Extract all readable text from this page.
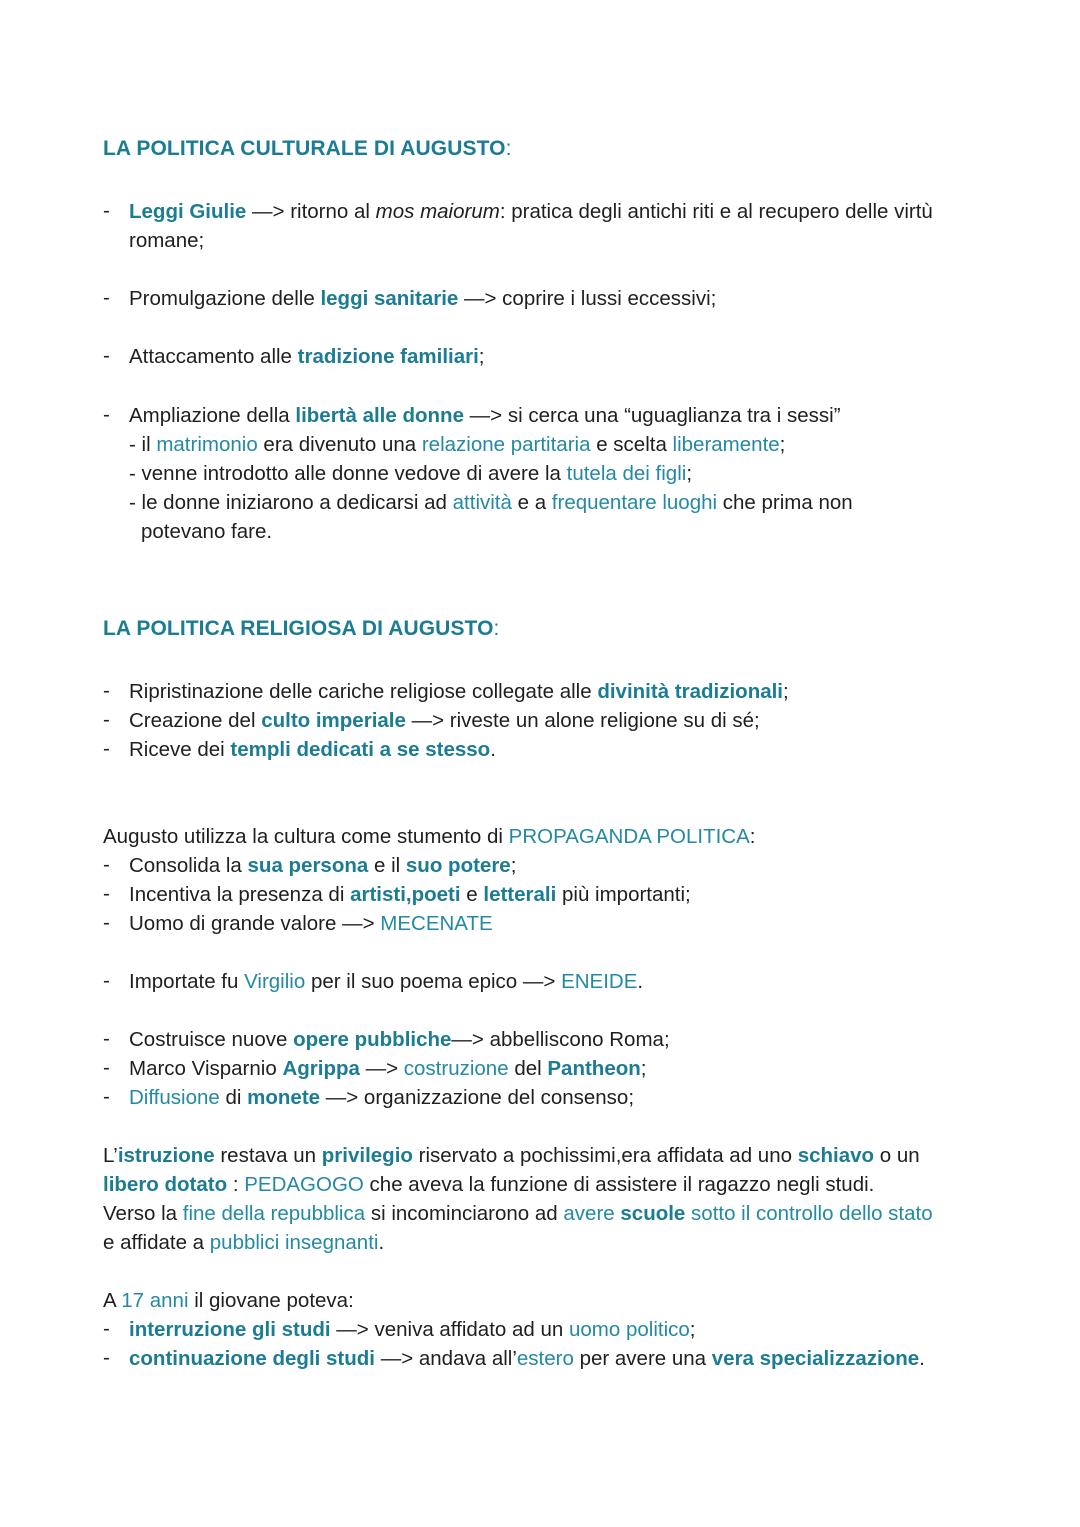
LA POLITICA CULTURALE DI AUGUSTO:
- Leggi Giulie —> ritorno al mos maiorum: pratica degli antichi riti e al recupero delle virtù
romane;
- Promulgazione delle leggi sanitarie —> coprire i lussi eccessivi;
- Attaccamento alle tradizione familiari;
- Ampliazione della libertà alle donne —> si cerca una “uguaglianza tra i sessi”
- il matrimonio era divenuto una relazione partitaria e scelta liberamente;
- venne introdotto alle donne vedove di avere la tutela dei figli;
- le donne iniziarono a dedicarsi ad attività e a frequentare luoghi che prima non
potevano fare.
LA POLITICA RELIGIOSA DI AUGUSTO:
- Ripristinazione delle cariche religiose collegate alle divinità tradizionali;
- Creazione del culto imperiale —> riveste un alone religione su di sé;
- Riceve dei templi dedicati a se stesso.
Augusto utilizza la cultura come stumento di PROPAGANDA POLITICA:
- Consolida la sua persona e il suo potere;
- Incentiva la presenza di artisti,poeti e letterali più importanti;
- Uomo di grande valore —> MECENATE
- Importate fu Virgilio per il suo poema epico —> ENEIDE.
- Costruisce nuove opere pubbliche—> abbelliscono Roma;
- Marco Visparnio Agrippa —> costruzione del Pantheon;
- Diffusione di monete —> organizzazione del consenso;
L’istruzione restava un privilegio riservato a pochissimi,era affidata ad uno schiavo o un
libero dotato : PEDAGOGO che aveva la funzione di assistere il ragazzo negli studi.
Verso la fine della repubblica si incominciarono ad avere scuole sotto il controllo dello stato
e affidate a pubblici insegnanti.
A 17 anni il giovane poteva:
- interruzione gli studi —> veniva affidato ad un uomo politico;
- continuazione degli studi —> andava all’estero per avere una vera specializzazione.
